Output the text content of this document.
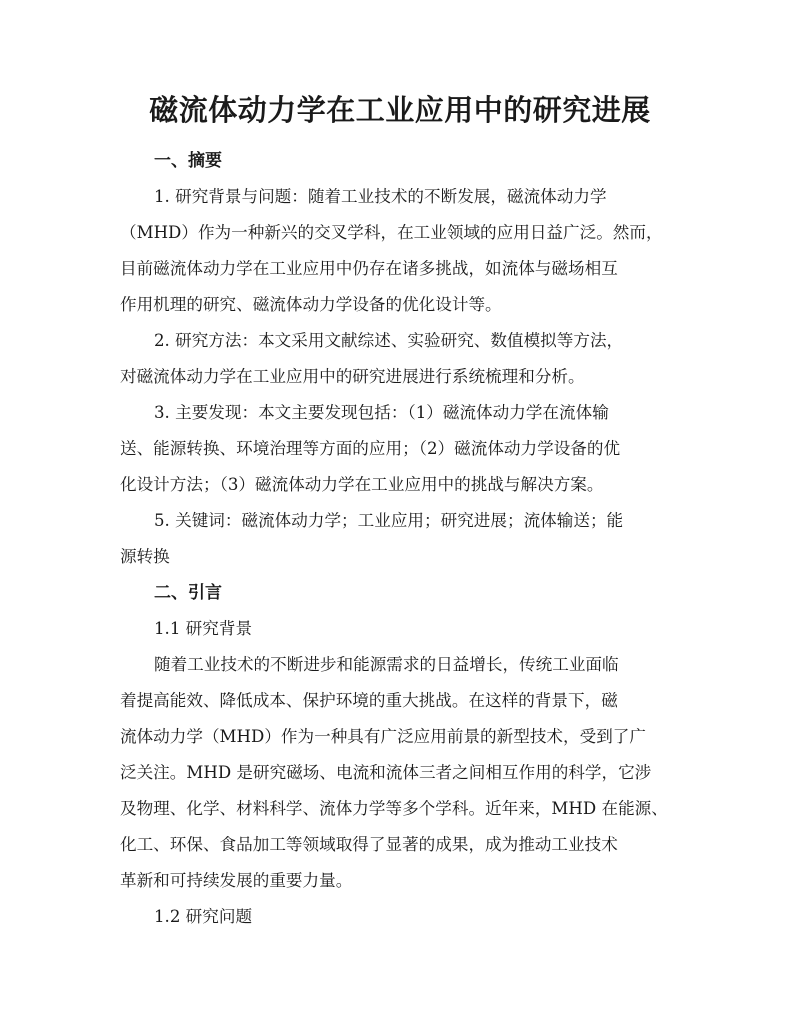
磁流体动力学在工业应用中的研究进展
一、摘要

1. 研究背景与问题：随着工业技术的不断发展，磁流体动力学
（MHD）作为一种新兴的交叉学科，在工业领域的应用日益广泛。然而，
目前磁流体动力学在工业应用中仍存在诸多挑战，如流体与磁场相互
作用机理的研究、磁流体动力学设备的优化设计等。

2. 研究方法：本文采用文献综述、实验研究、数值模拟等方法，
对磁流体动力学在工业应用中的研究进展进行系统梳理和分析。

3. 主要发现：本文主要发现包括：（1）磁流体动力学在流体输
送、能源转换、环境治理等方面的应用；（2）磁流体动力学设备的优
化设计方法；（3）磁流体动力学在工业应用中的挑战与解决方案。

5. 关键词：磁流体动力学；工业应用；研究进展；流体输送；能
源转换

二、引言

1.1 研究背景

随着工业技术的不断进步和能源需求的日益增长，传统工业面临
着提高能效、降低成本、保护环境的重大挑战。在这样的背景下，磁
流体动力学（MHD）作为一种具有广泛应用前景的新型技术，受到了广
泛关注。MHD 是研究磁场、电流和流体三者之间相互作用的科学，它涉
及物理、化学、材料科学、流体力学等多个学科。近年来，MHD 在能源、
化工、环保、食品加工等领域取得了显著的成果，成为推动工业技术
革新和可持续发展的重要力量。

1.2 研究问题
